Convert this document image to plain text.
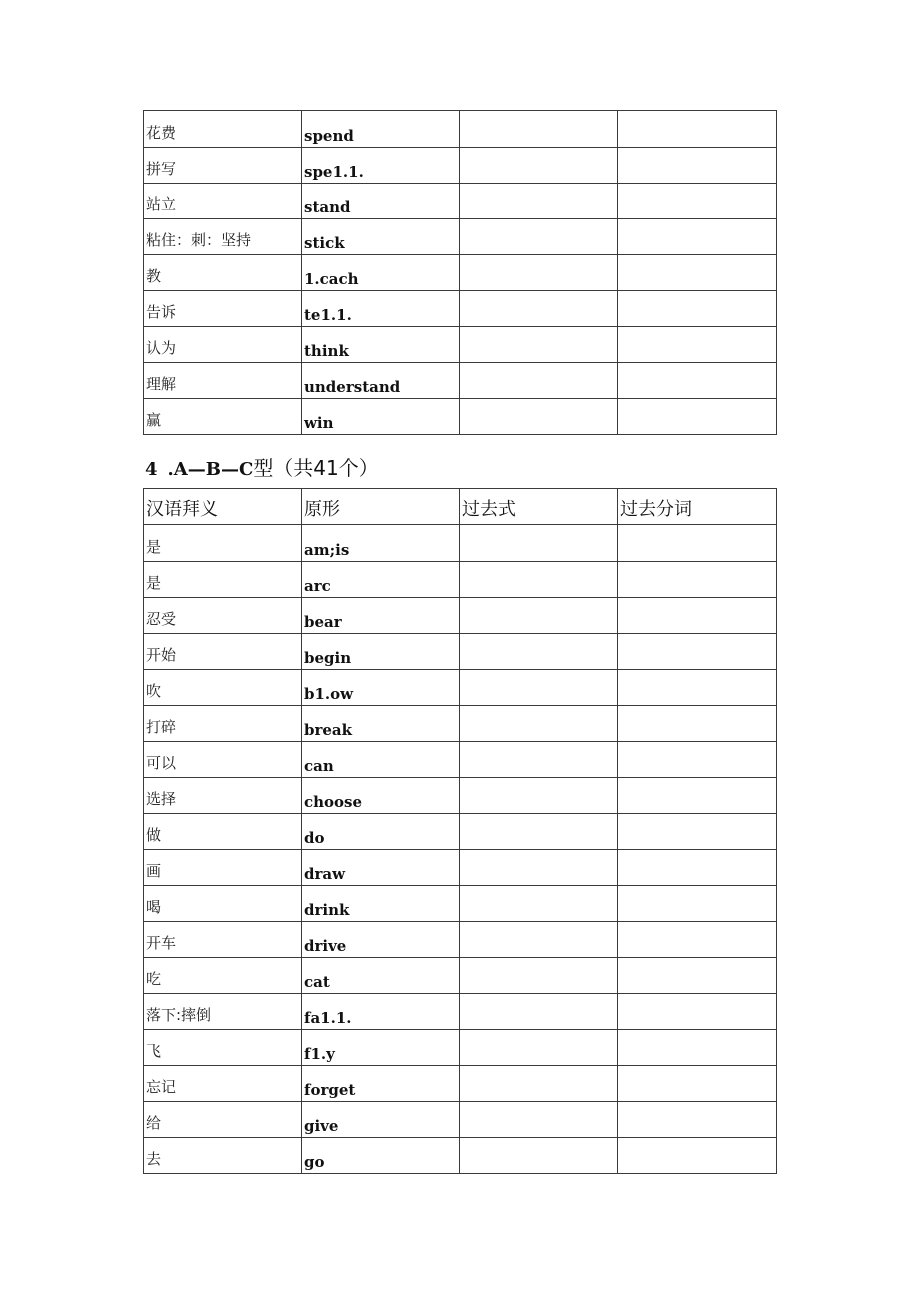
花费	spend		
拼写	spe1.1.		
站立	stand		
粘住：刺：坚持	stick		
教	1.cach		
告诉	te1.1.		
认为	think		
理解	understand		
赢	win		
4 .A—B—C型（共41个）
汉语拜义	原形	过去式	过去分词
是	am;is		
是	arc		
忍受	bear		
开始	begin		
吹	b1.ow		
打碎	break		
可以	can		
选择	choose		
做	do		
画	draw		
喝	drink		
开车	drive		
吃	cat		
落下:摔倒	fa1.1.		
飞	f1.y		
忘记	forget		
给	give		
去	go		
